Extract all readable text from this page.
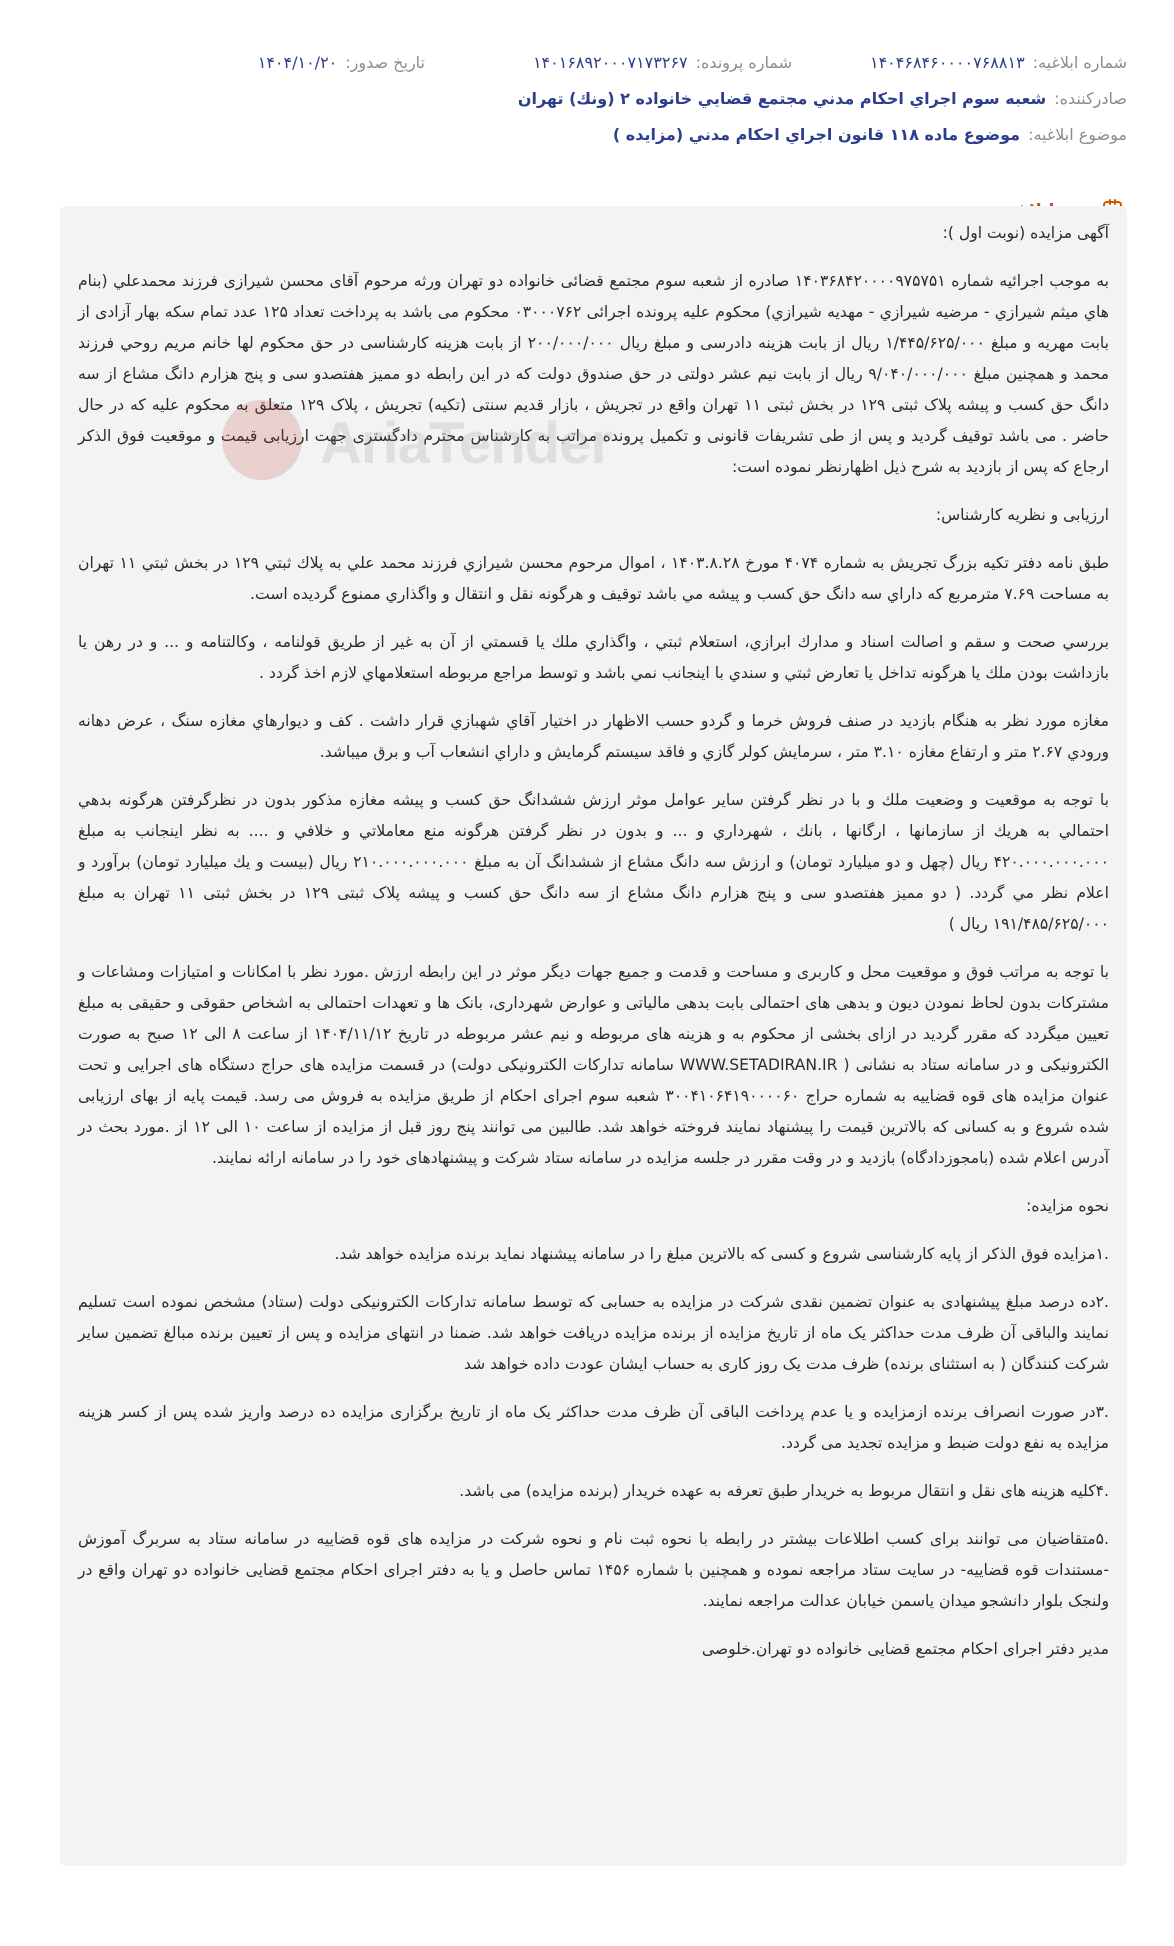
شماره ابلاغیه:
۱۴۰۴۶۸۴۶۰۰۰۰۷۶۸۸۱۳
شماره پرونده:
۱۴۰۱۶۸۹۲۰۰۰۷۱۷۳۲۶۷
تاریخ صدور:
۱۴۰۴/۱۰/۲۰
صادرکننده:
شعبه سوم اجراي احكام مدني مجتمع قضايي خانواده ۲ (ونك) تهران
موضوع ابلاغیه:
موضوع ماده ۱۱۸ قانون اجراي احكام مدني (مزايده )

آگهی مزایده (نوبت اول ):

به موجب اجرائيه شماره ۱۴۰۳۶۸۴۲۰۰۰۰۹۷۵۷۵۱ صادره از شعبه سوم مجتمع قضائی خانواده دو تهران ورثه مرحوم آقای محسن شیرازی فرزند محمدعلي (بنام هاي ميثم شيرازي - مرضيه شيرازي - مهديه شيرازي) محکوم علیه پرونده اجرائی ۰۳۰۰۰۷۶۲ محکوم می باشد به پرداخت تعداد ۱۲۵ عدد تمام سکه بهار آزادی از بابت مهریه و مبلغ ۱/۴۴۵/۶۲۵/۰۰۰ ریال از بابت هزینه دادرسی و مبلغ ریال ۲۰۰/۰۰۰/۰۰۰ از بابت هزینه کارشناسی در حق محکوم لها خانم مريم روحي فرزند محمد و همچنین مبلغ ۹/۰۴۰/۰۰۰/۰۰۰ ریال از بابت نیم عشر دولتی در حق صندوق دولت که در این رابطه دو ممیز هفتصدو سی و پنج هزارم دانگ مشاع از سه دانگ حق کسب و پیشه پلاک ثبتی ۱۲۹ در بخش ثبتی ۱۱ تهران واقع در تجریش ، بازار قدیم سنتی (تکیه) تجریش ، پلاک ۱۲۹ متعلق به محکوم علیه که در حال حاضر . می باشد توقیف گردید و پس از طی تشریفات قانونی و تکمیل پرونده مراتب به کارشناس محترم دادگستری جهت ارزیابی قیمت و موقعیت فوق الذکر ارجاع که پس از بازدید به شرح ذیل اظهارنظر نموده است:

ارزیابی و نظریه کارشناس:

طبق نامه دفتر تكيه بزرگ تجريش به شماره ۴۰۷۴ مورخ ۱۴۰۳.۸.۲۸ ، اموال مرحوم محسن شيرازي فرزند محمد علي به پلاك ثبتي ۱۲۹ در بخش ثبتي ۱۱ تهران به مساحت ۷.۶۹ مترمربع كه داراي سه دانگ حق كسب و پيشه مي باشد توقيف و هرگونه نقل و انتقال و واگذاري ممنوع گرديده است.

بررسي صحت و سقم و اصالت اسناد و مدارك ابرازي، استعلام ثبتي ، واگذاري ملك يا قسمتي از آن به غير از طريق قولنامه ، وكالتنامه و ... و در رهن يا بازداشت بودن ملك يا هرگونه تداخل يا تعارض ثبتي و سندي با اينجانب نمي باشد و توسط مراجع مربوطه استعلامهاي لازم اخذ گردد .

مغازه مورد نظر به هنگام بازديد در صنف فروش خرما و گردو حسب الاظهار در اختيار آقاي شهبازي قرار داشت . كف و ديوارهاي مغازه سنگ ، عرض دهانه ورودي ۲.۶۷ متر و ارتفاع مغازه ۳.۱۰ متر ، سرمايش كولر گازي و فاقد سيستم گرمايش و داراي انشعاب آب و برق ميباشد.

با توجه به موقعيت و وضعيت ملك و با در نظر گرفتن ساير عوامل موثر ارزش ششدانگ حق كسب و پيشه مغازه مذكور بدون در نظرگرفتن هرگونه بدهي احتمالي به هريك از سازمانها ، ارگانها ، بانك ، شهرداري و ... و بدون در نظر گرفتن هرگونه منع معاملاتي و خلافي و .... به نظر اينجانب به مبلغ ۴۲۰.۰۰۰.۰۰۰.۰۰۰ ريال (چهل و دو ميليارد تومان) و ارزش سه دانگ مشاع از ششدانگ آن به مبلغ ۲۱۰.۰۰۰.۰۰۰.۰۰۰ ريال (بيست و يك ميليارد تومان) برآورد و اعلام نظر مي گردد. ( دو ممیز هفتصدو سی و پنج هزارم دانگ مشاع از سه دانگ حق کسب و پیشه پلاک ثبتی ۱۲۹ در بخش ثبتی ۱۱ تهران به مبلغ ۱۹۱/۴۸۵/۶۲۵/۰۰۰ ریال )

با توجه به مراتب فوق و موقعیت محل و کاربری و مساحت و قدمت و جمیع جهات دیگر موثر در این رابطه ارزش .مورد نظر با امکانات و امتیازات ومشاعات و مشترکات بدون لحاظ نمودن دیون و بدهی های احتمالی بابت بدهی مالیاتی و عوارض شهرداری، بانک ها و تعهدات احتمالی به اشخاص حقوقی و حقیقی به مبلغ تعیین میگردد که مقرر گردید در ازای بخشی از محکوم به و هزینه های مربوطه و نیم عشر مربوطه در تاریخ ۱۴۰۴/۱۱/۱۲ از ساعت ۸ الی ۱۲ صبح به صورت الکترونیکی و در سامانه ستاد به نشانی ( WWW.SETADIRAN.IR سامانه تدارکات الکترونیکی دولت) در قسمت مزایده های حراج دستگاه های اجرایی و تحت عنوان مزایده های قوه قضاییه به شماره حراج ۳۰۰۴۱۰۶۴۱۹۰۰۰۰۶۰ شعبه سوم اجرای احکام از طریق مزایده به فروش می رسد. قیمت پایه از بهای ارزیابی شده شروع و به کسانی که بالاترین قیمت را پیشنهاد نمایند فروخته خواهد شد. طالبین می توانند پنج روز قبل از مزایده از ساعت ۱۰ الی ۱۲ از .مورد بحث در آدرس اعلام شده (بامجوزدادگاه) بازدید و در وقت مقرر در جلسه مزایده در سامانه ستاد شرکت و پیشنهادهای خود را در سامانه ارائه نمایند.

نحوه مزایده:

.۱مزایده فوق الذکر از پایه کارشناسی شروع و کسی که بالاترین مبلغ را در سامانه پیشنهاد نماید برنده مزایده خواهد شد.

.۲ده درصد مبلغ پیشنهادی به عنوان تضمین نقدی شرکت در مزایده به حسابی که توسط سامانه تدارکات الکترونیکی دولت (ستاد) مشخص نموده است تسلیم نمایند والباقی آن ظرف مدت حداکثر یک ماه از تاریخ مزایده از برنده مزایده دریافت خواهد شد. ضمنا در انتهای مزایده و پس از تعیین برنده مبالغ تضمین سایر شرکت کنندگان ( به استثنای برنده) ظرف مدت یک روز کاری به حساب ایشان عودت داده خواهد شد

.۳در صورت انصراف برنده ازمزایده و یا عدم پرداخت الباقی آن ظرف مدت حداکثر یک ماه از تاریخ برگزاری مزایده ده درصد واریز شده پس از کسر هزینه مزایده به نفع دولت ضبط و مزایده تجدید می گردد.

.۴کلیه هزینه های نقل و انتقال مربوط به خریدار طبق تعرفه به عهده خریدار (برنده مزایده) می باشد.

.۵متقاضیان می توانند برای کسب اطلاعات بیشتر در رابطه با نحوه ثبت نام و نحوه شرکت در مزایده های قوه قضاییه در سامانه ستاد به سربرگ آموزش -مستندات قوه قضاییه- در سایت ستاد مراجعه نموده و همچنین با شماره ۱۴۵۶ تماس حاصل و یا به دفتر اجرای احکام مجتمع قضایی خانواده دو تهران واقع در ولنجک بلوار دانشجو میدان یاسمن خیابان عدالت مراجعه نمایند.

مدیر دفتر اجرای احکام مجتمع قضایی خانواده دو تهران.خلوصی
